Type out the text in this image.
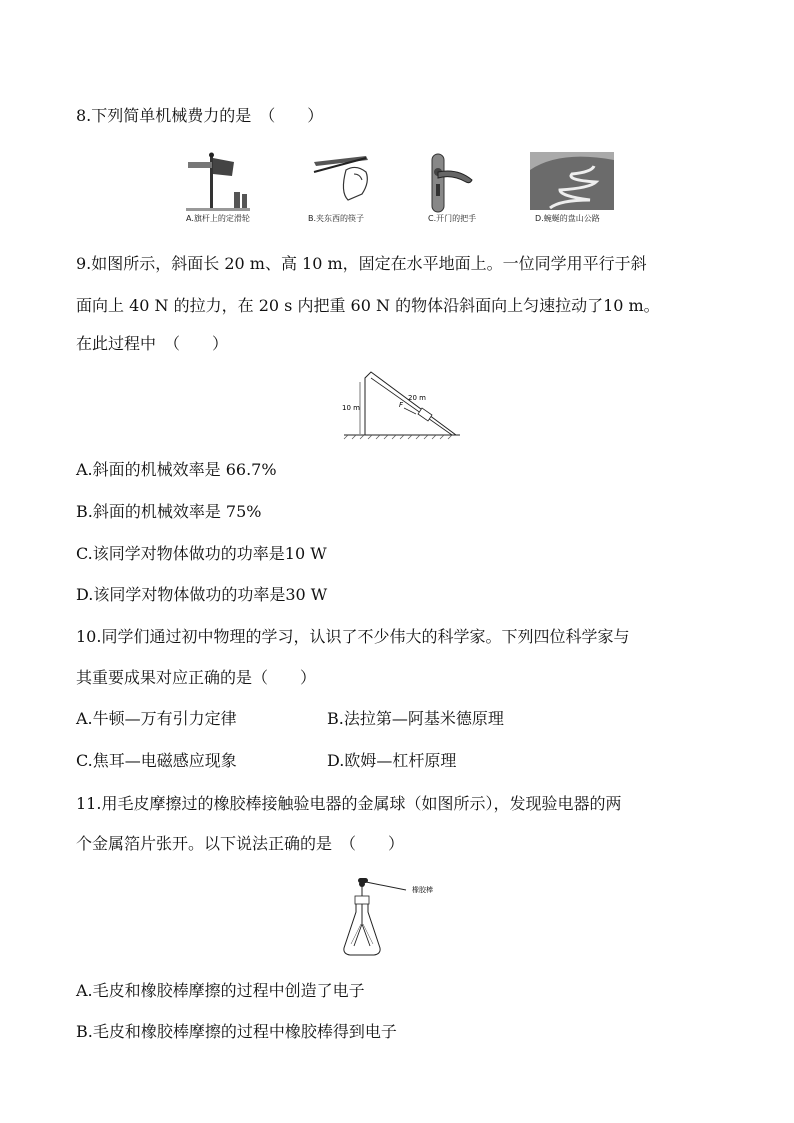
8.下列简单机械费力的是　（　　）
A.旗杆上的定滑轮	B.夹东西的筷子	C.开门的把手	D.蜿蜒的盘山公路
9.如图所示，斜面长 20 m、高 10 m，固定在水平地面上。一位同学用平行于斜
面向上 40 N 的拉力，在 20 s 内把重 60 N 的物体沿斜面向上匀速拉动了10 m。
在此过程中　（　　）
10 m
20 m
F
A.斜面的机械效率是 66.7%
B.斜面的机械效率是 75%
C.该同学对物体做功的功率是10 W
D.该同学对物体做功的功率是30 W
10.同学们通过初中物理的学习，认识了不少伟大的科学家。下列四位科学家与
其重要成果对应正确的是（　　）
A.牛顿—万有引力定律	B.法拉第—阿基米德原理
C.焦耳—电磁感应现象	D.欧姆—杠杆原理
11.用毛皮摩擦过的橡胶棒接触验电器的金属球（如图所示），发现验电器的两
个金属箔片张开。以下说法正确的是　（　　）
橡胶棒
A.毛皮和橡胶棒摩擦的过程中创造了电子
B.毛皮和橡胶棒摩擦的过程中橡胶棒得到电子
